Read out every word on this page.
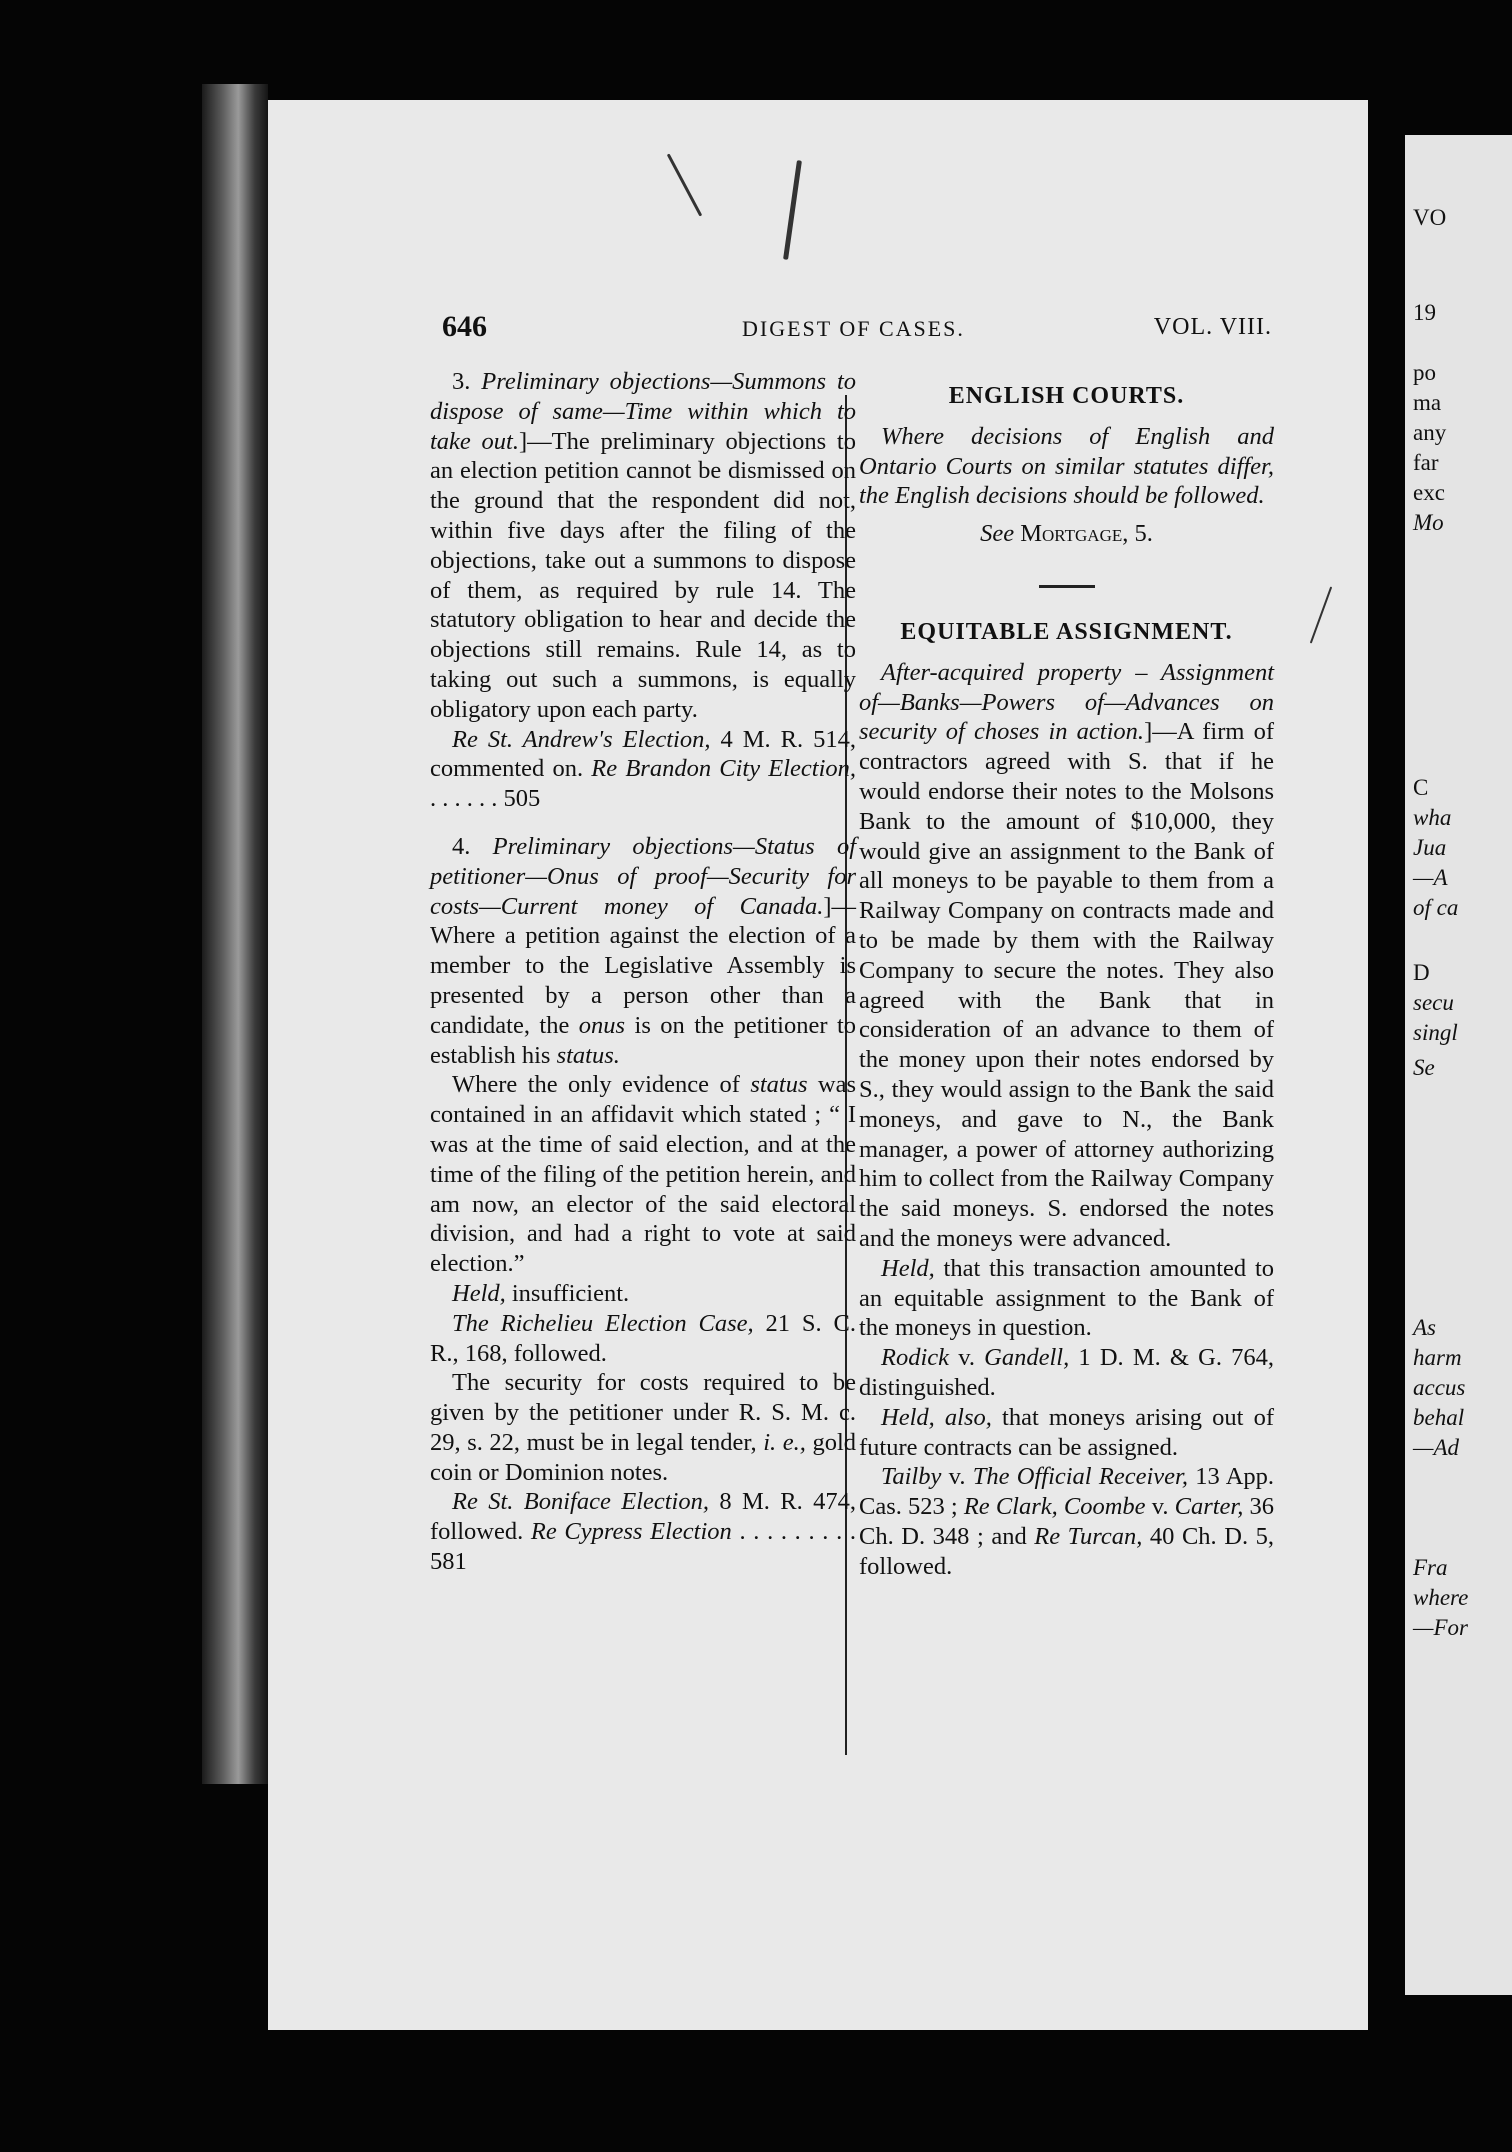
646	DIGEST OF CASES.	VOL. VIII.

3. Preliminary objections—Summons to dispose of same—Time within which to take out.]—The preliminary objections to an election petition cannot be dismissed on the ground that the respondent did not, within five days after the filing of the objections, take out a summons to dispose of them, as required by rule 14. The statutory obligation to hear and decide the objections still remains. Rule 14, as to taking out such a summons, is equally obligatory upon each party.

Re St. Andrew's Election, 4 M. R. 514, commented on. Re Brandon City Election, . . . . . . 505

4. Preliminary objections—Status of petitioner—Onus of proof—Security for costs—Current money of Canada.]—Where a petition against the election of a member to the Legislative Assembly is presented by a person other than a candidate, the onus is on the petitioner to establish his status.

Where the only evidence of status was contained in an affidavit which stated ; “ I was at the time of said election, and at the time of the filing of the petition herein, and am now, an elector of the said electoral division, and had a right to vote at said election.”

Held, insufficient.

The Richelieu Election Case, 21 S. C. R., 168, followed.

The security for costs required to be given by the petitioner under R. S. M. c. 29, s. 22, must be in legal tender, i. e., gold coin or Dominion notes.

Re St. Boniface Election, 8 M. R. 474, followed. Re Cypress Election . . . . . . . . . 581

ENGLISH COURTS.

Where decisions of English and Ontario Courts on similar statutes differ, the English decisions should be followed.

See Mortgage, 5.

EQUITABLE ASSIGNMENT.

After-acquired property – Assignment of—Banks—Powers of—Advances on security of choses in action.]—A firm of contractors agreed with S. that if he would endorse their notes to the Molsons Bank to the amount of $10,000, they would give an assignment to the Bank of all moneys to be payable to them from a Railway Company on contracts made and to be made by them with the Railway Company to secure the notes. They also agreed with the Bank that in consideration of an advance to them of the money upon their notes endorsed by S., they would assign to the Bank the said moneys, and gave to N., the Bank manager, a power of attorney authorizing him to collect from the Railway Company the said moneys. S. endorsed the notes and the moneys were advanced.

Held, that this transaction amounted to an equitable assignment to the Bank of the moneys in question.

Rodick v. Gandell, 1 D. M. & G. 764, distinguished.

Held, also, that moneys arising out of future contracts can be assigned.

Tailby v. The Official Receiver, 13 App. Cas. 523 ; Re Clark, Coombe v. Carter, 36 Ch. D. 348 ; and Re Turcan, 40 Ch. D. 5, followed.

VO
19
po
ma
any
far
exc
Mo
C
wha
Jua
—A
of ca
D
secu
singl
Se
As
harm
accus
behal
—Ad
Fra
where
—For
